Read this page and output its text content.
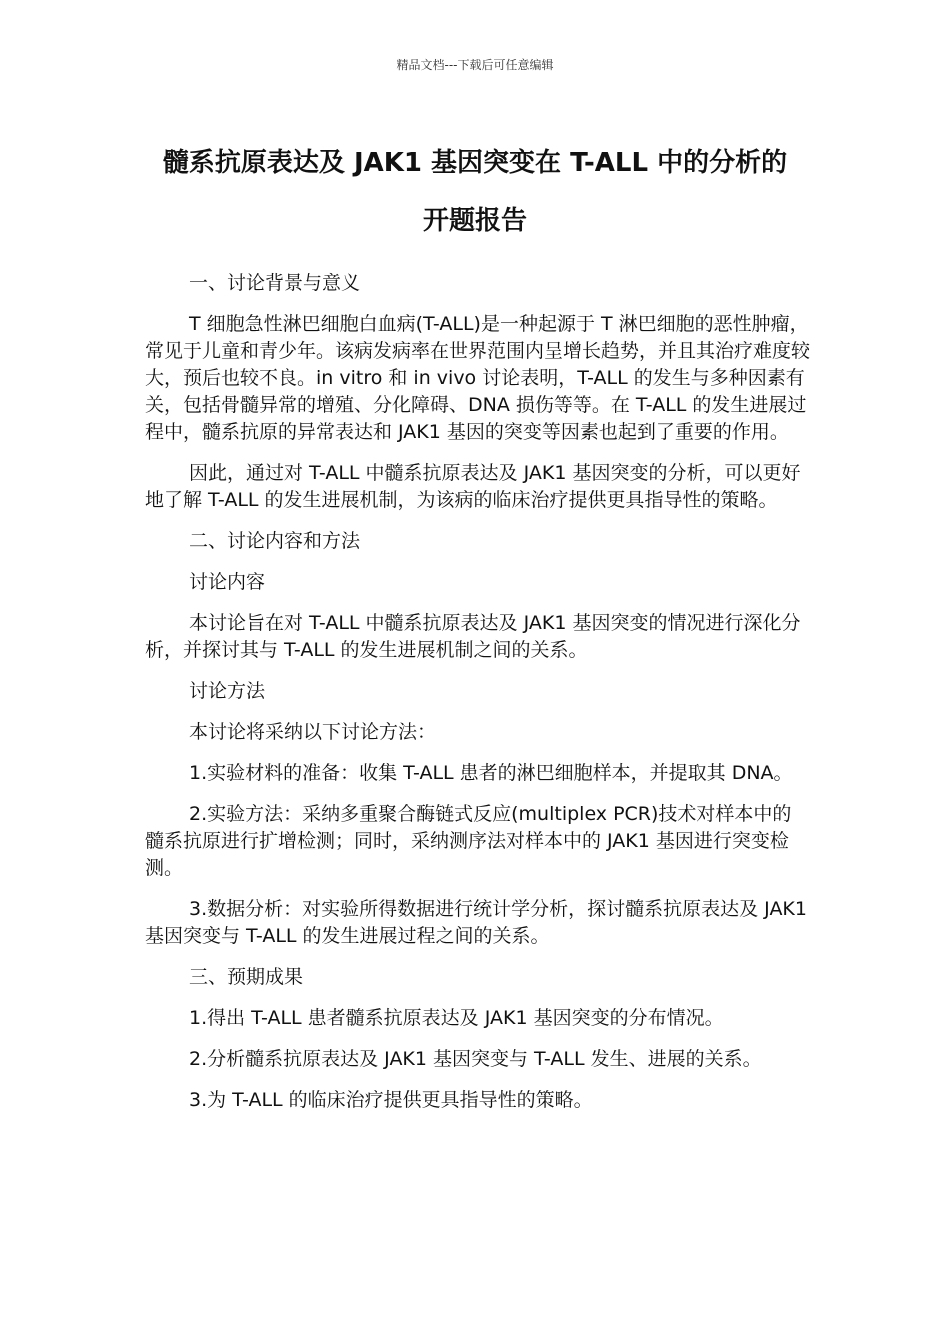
精品文档---下载后可任意编辑
髓系抗原表达及 JAK1 基因突变在 T-ALL 中的分析的
开题报告

一、讨论背景与意义

T 细胞急性淋巴细胞白血病(T-ALL)是一种起源于 T 淋巴细胞的恶性肿瘤，常见于儿童和青少年。该病发病率在世界范围内呈增长趋势，并且其治疗难度较大，预后也较不良。in vitro 和 in vivo 讨论表明，T-ALL 的发生与多种因素有关，包括骨髓异常的增殖、分化障碍、DNA 损伤等等。在 T-ALL 的发生进展过程中，髓系抗原的异常表达和 JAK1 基因的突变等因素也起到了重要的作用。

因此，通过对 T-ALL 中髓系抗原表达及 JAK1 基因突变的分析，可以更好地了解 T-ALL 的发生进展机制，为该病的临床治疗提供更具指导性的策略。

二、讨论内容和方法

讨论内容

本讨论旨在对 T-ALL 中髓系抗原表达及 JAK1 基因突变的情况进行深化分析，并探讨其与 T-ALL 的发生进展机制之间的关系。

讨论方法

本讨论将采纳以下讨论方法：

1.实验材料的准备：收集 T-ALL 患者的淋巴细胞样本，并提取其 DNA。

2.实验方法：采纳多重聚合酶链式反应(multiplex PCR)技术对样本中的髓系抗原进行扩增检测；同时，采纳测序法对样本中的 JAK1 基因进行突变检测。

3.数据分析：对实验所得数据进行统计学分析，探讨髓系抗原表达及 JAK1 基因突变与 T-ALL 的发生进展过程之间的关系。

三、预期成果

1.得出 T-ALL 患者髓系抗原表达及 JAK1 基因突变的分布情况。

2.分析髓系抗原表达及 JAK1 基因突变与 T-ALL 发生、进展的关系。

3.为 T-ALL 的临床治疗提供更具指导性的策略。
